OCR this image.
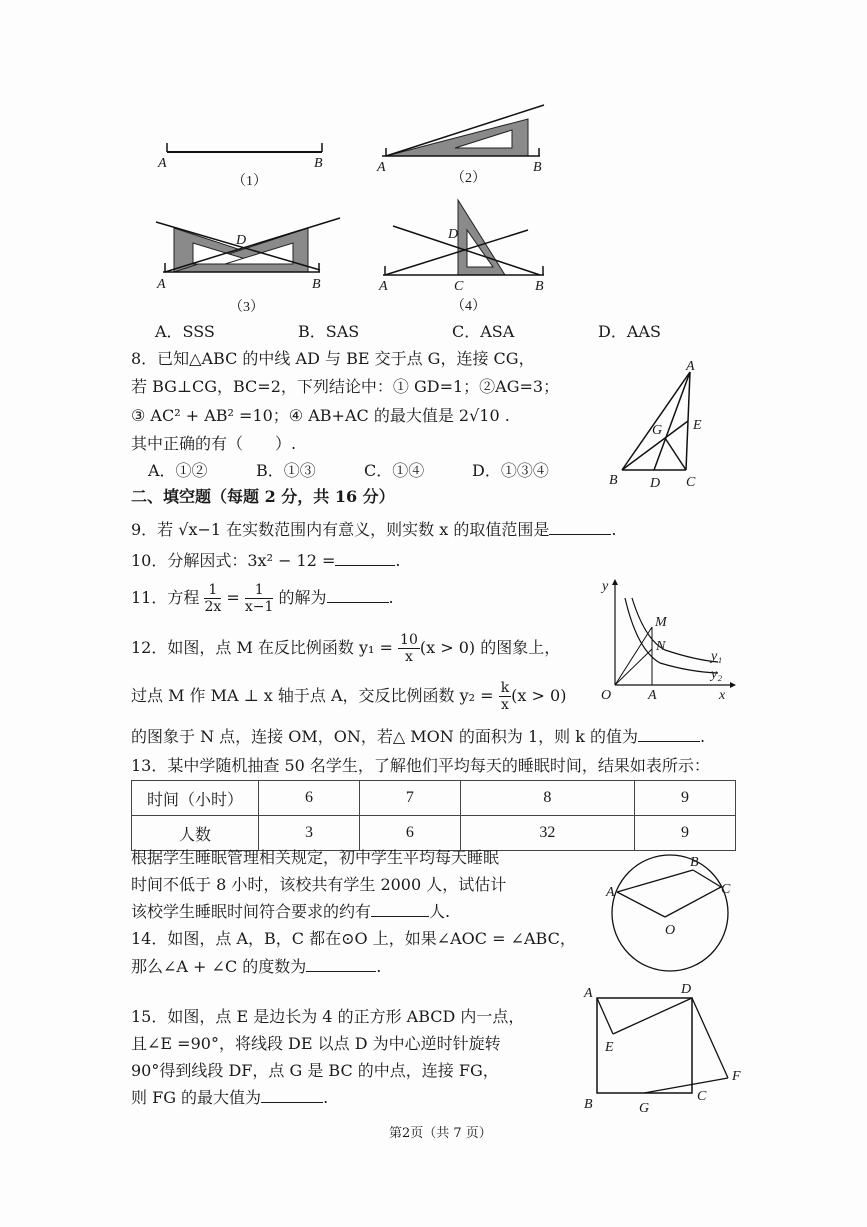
A	B
（1）
A	B
（2）
D
A	B
（3）
D
A	C	B
（4）
A
E
G
B D C
y
x
O	A
M
N
y₁
y₂
A
B
C
O
A	D
E
F
B	G
C
A．SSS	B．SAS	C．ASA	D．AAS
8．已知△ABC 的中线 AD 与 BE 交于点 G，连接 CG，
若 BG⊥CG，BC=2，下列结论中：① GD=1；②AG=3；
③ AC² + AB² =10；④ AB+AC 的最大值是 2√10 .
其中正确的有（　　）.
A．①②	B．①③	C．①④	D．①③④
二、填空题（每题 2 分，共 16 分）
9．若 √x−1 在实数范围内有意义，则实数 x 的取值范围是	.
10．分解因式：3x² − 12 =	.
11．方程 $\frac{1}{2x} = \frac{1}{x-1}$ 的解为	.
12．如图，点 M 在反比例函数 $y_1 = \frac{10}{x} (x > 0)$ 的图象上，
过点 M 作 MA ⊥ x 轴于点 A，交反比例函数 $y_2 = \frac{k}{x} (x > 0)$
的图象于 N 点，连接 OM，ON，若△ MON 的面积为 1，则 k 的值为	.
13．某中学随机抽查 50 名学生，了解他们平均每天的睡眠时间，结果如表所示：
时间（小时）	6	7	8	9
人数	3	6	32	9
根据学生睡眠管理相关规定，初中学生平均每天睡眠
时间不低于 8 小时，该校共有学生 2000 人，试估计
该校学生睡眠时间符合要求的约有	人.
14．如图，点 A，B，C 都在⊙O 上，如果∠AOC = ∠ABC，
那么∠A + ∠C 的度数为	.
15．如图，点 E 是边长为 4 的正方形 ABCD 内一点，
且∠E =90°，将线段 DE 以点 D 为中心逆时针旋转
90°得到线段 DF，点 G 是 BC 的中点，连接 FG，
则 FG 的最大值为	.
第2页（共 7 页）
